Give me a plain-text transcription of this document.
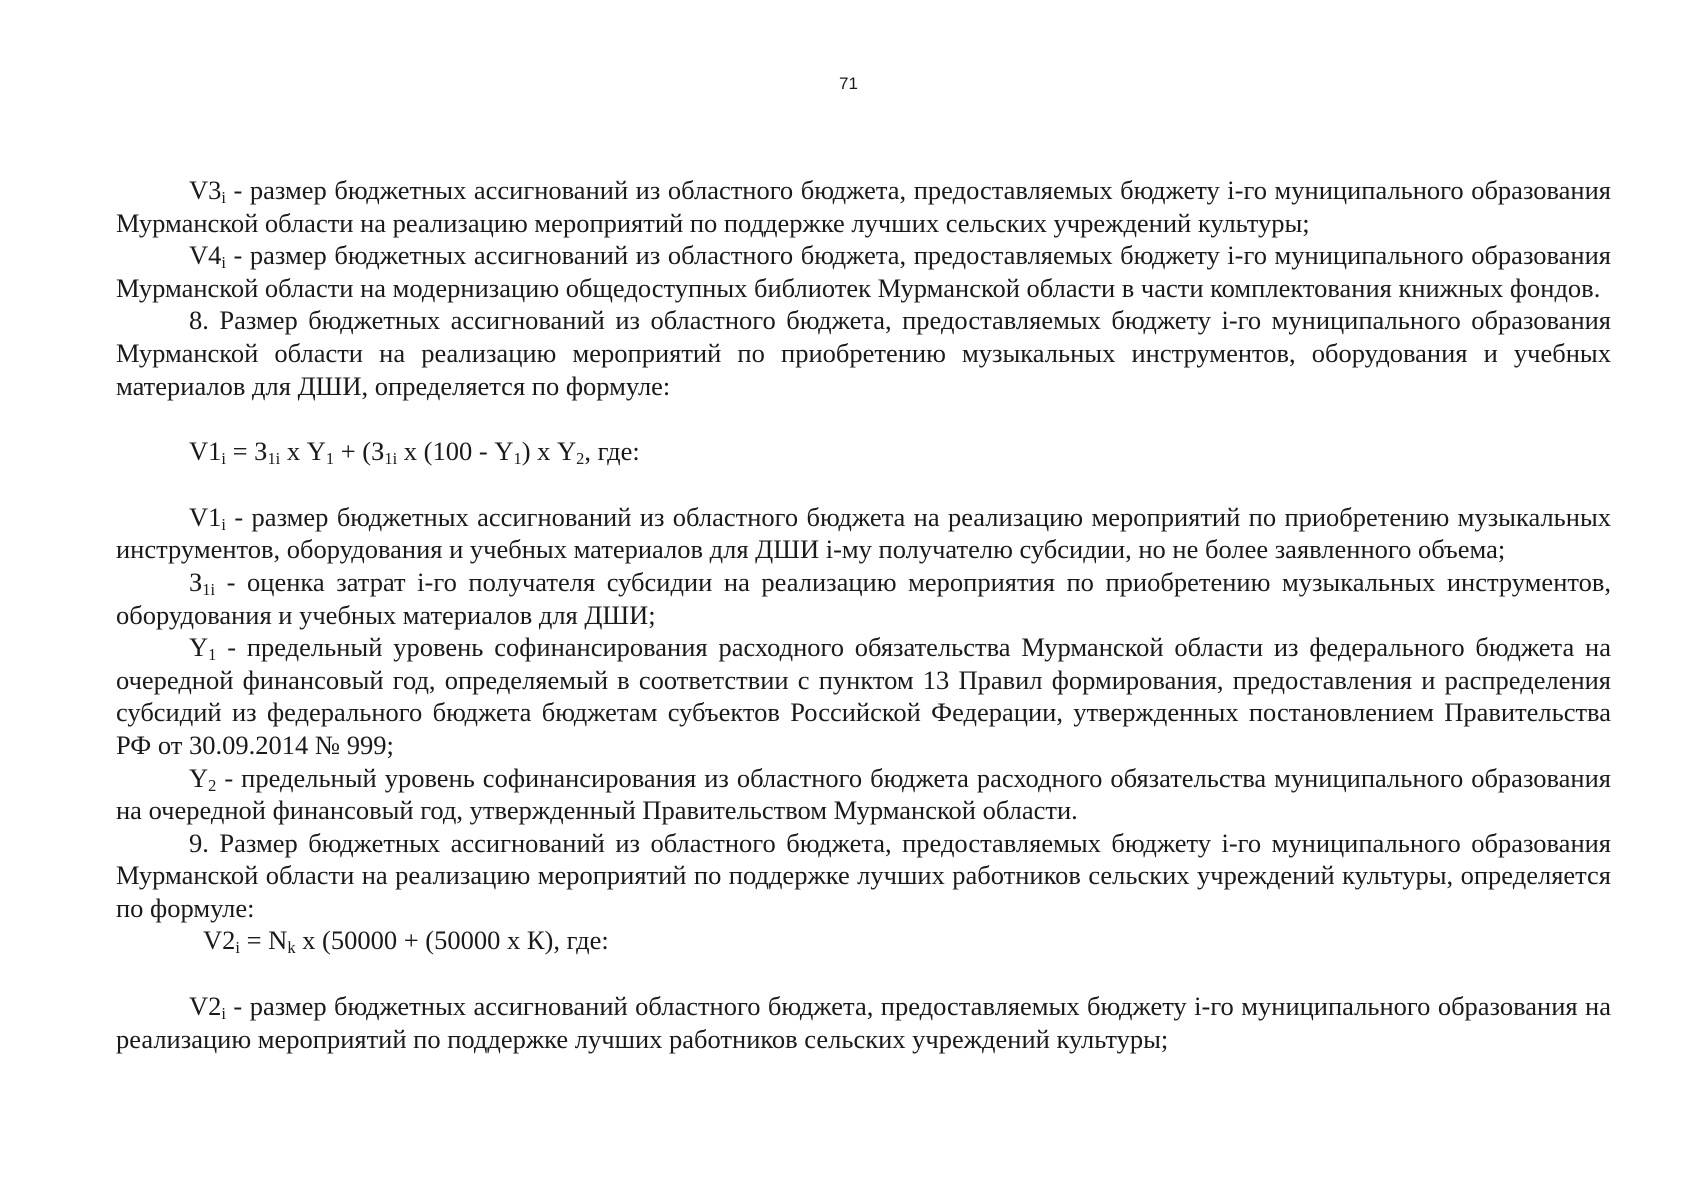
71

$V3_i$ - размер бюджетных ассигнований из областного бюджета, предоставляемых бюджету i-го муниципального образования Мурманской области на реализацию мероприятий по поддержке лучших сельских учреждений культуры;

$V4_i$ - размер бюджетных ассигнований из областного бюджета, предоставляемых бюджету i-го муниципального образования Мурманской области на модернизацию общедоступных библиотек Мурманской области в части комплектования книжных фондов.

8. Размер бюджетных ассигнований из областного бюджета, предоставляемых бюджету i-го муниципального образования Мурманской области на реализацию мероприятий по приобретению музыкальных инструментов, оборудования и учебных материалов для ДШИ, определяется по формуле:

$V1_i = З_{1i}$ х $Y_1 + (З_{1i}$ х $(100 - Y_1)$ х $Y_2$, где:

$V1_i$ - размер бюджетных ассигнований из областного бюджета на реализацию мероприятий по приобретению музыкальных инструментов, оборудования и учебных материалов для ДШИ i-му получателю субсидии, но не более заявленного объема;

$З_{1i}$ - оценка затрат i-го получателя субсидии на реализацию мероприятия по приобретению музыкальных инструментов, оборудования и учебных материалов для ДШИ;

$Y_1$ - предельный уровень софинансирования расходного обязательства Мурманской области из федерального бюджета на очередной финансовый год, определяемый в соответствии с пунктом 13 Правил формирования, предоставления и распределения субсидий из федерального бюджета бюджетам субъектов Российской Федерации, утвержденных постановлением Правительства РФ от 30.09.2014 № 999;

$Y_2$ - предельный уровень софинансирования из областного бюджета расходного обязательства муниципального образования на очередной финансовый год, утвержденный Правительством Мурманской области.

9. Размер бюджетных ассигнований из областного бюджета, предоставляемых бюджету i-го муниципального образования Мурманской области на реализацию мероприятий по поддержке лучших работников сельских учреждений культуры, определяется по формуле:

$V2_i = N_k$ х (50000 + (50000 х К), где:

$V2_i$ - размер бюджетных ассигнований областного бюджета, предоставляемых бюджету i-го муниципального образования на реализацию мероприятий по поддержке лучших работников сельских учреждений культуры;
